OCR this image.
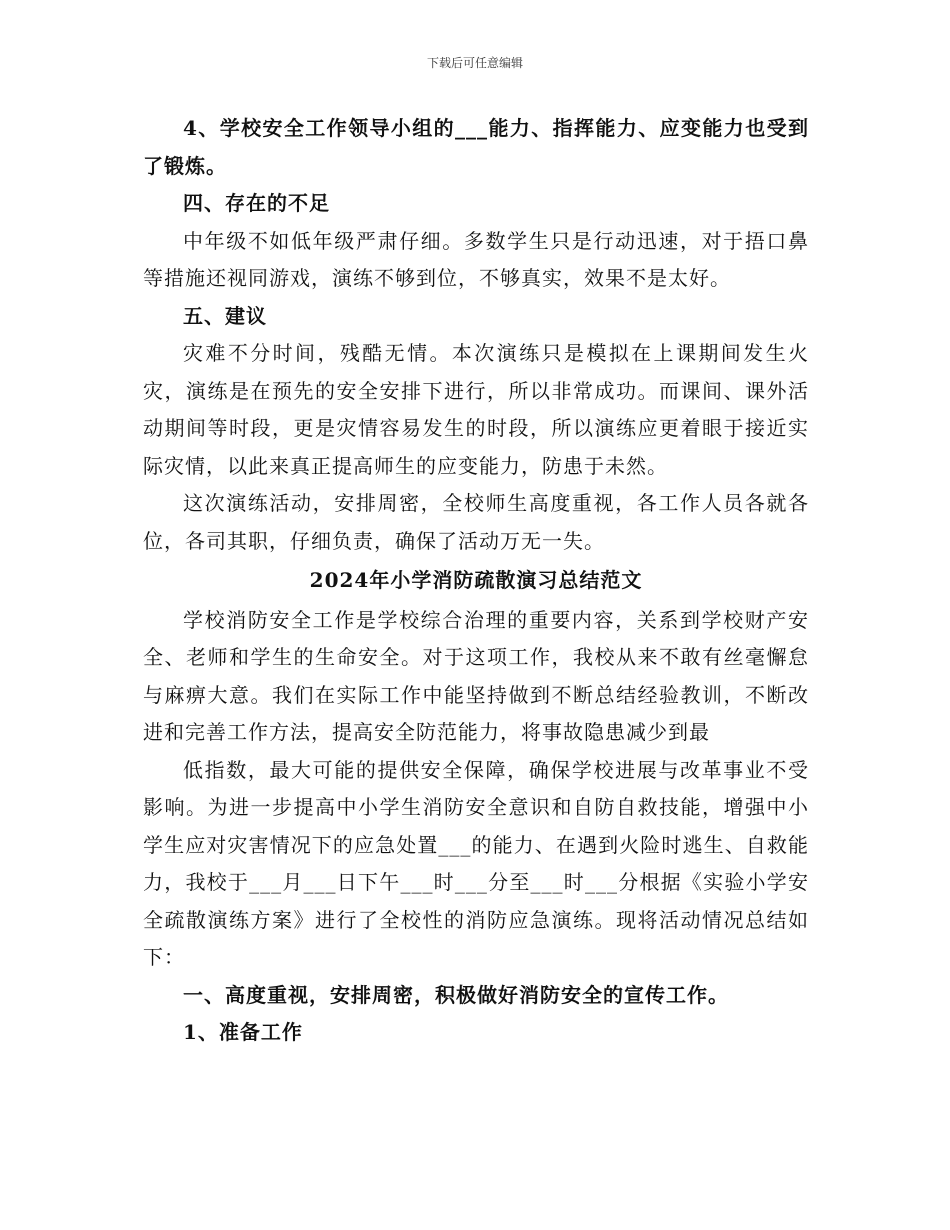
下载后可任意编辑

4、学校安全工作领导小组的___能力、指挥能力、应变能力也受到了锻炼。

四、存在的不足

中年级不如低年级严肃仔细。多数学生只是行动迅速，对于捂口鼻等措施还视同游戏，演练不够到位，不够真实，效果不是太好。

五、建议

灾难不分时间，残酷无情。本次演练只是模拟在上课期间发生火灾，演练是在预先的安全安排下进行，所以非常成功。而课间、课外活动期间等时段，更是灾情容易发生的时段，所以演练应更着眼于接近实际灾情，以此来真正提高师生的应变能力，防患于未然。

这次演练活动，安排周密，全校师生高度重视，各工作人员各就各位，各司其职，仔细负责，确保了活动万无一失。

2024年小学消防疏散演习总结范文

学校消防安全工作是学校综合治理的重要内容，关系到学校财产安全、老师和学生的生命安全。对于这项工作，我校从来不敢有丝毫懈怠与麻痹大意。我们在实际工作中能坚持做到不断总结经验教训，不断改进和完善工作方法，提高安全防范能力，将事故隐患减少到最

低指数，最大可能的提供安全保障，确保学校进展与改革事业不受影响。为进一步提高中小学生消防安全意识和自防自救技能，增强中小学生应对灾害情况下的应急处置___的能力、在遇到火险时逃生、自救能力，我校于___月___日下午___时___分至___时___分根据《实验小学安全疏散演练方案》进行了全校性的消防应急演练。现将活动情况总结如下：

一、高度重视，安排周密，积极做好消防安全的宣传工作。

1、准备工作
